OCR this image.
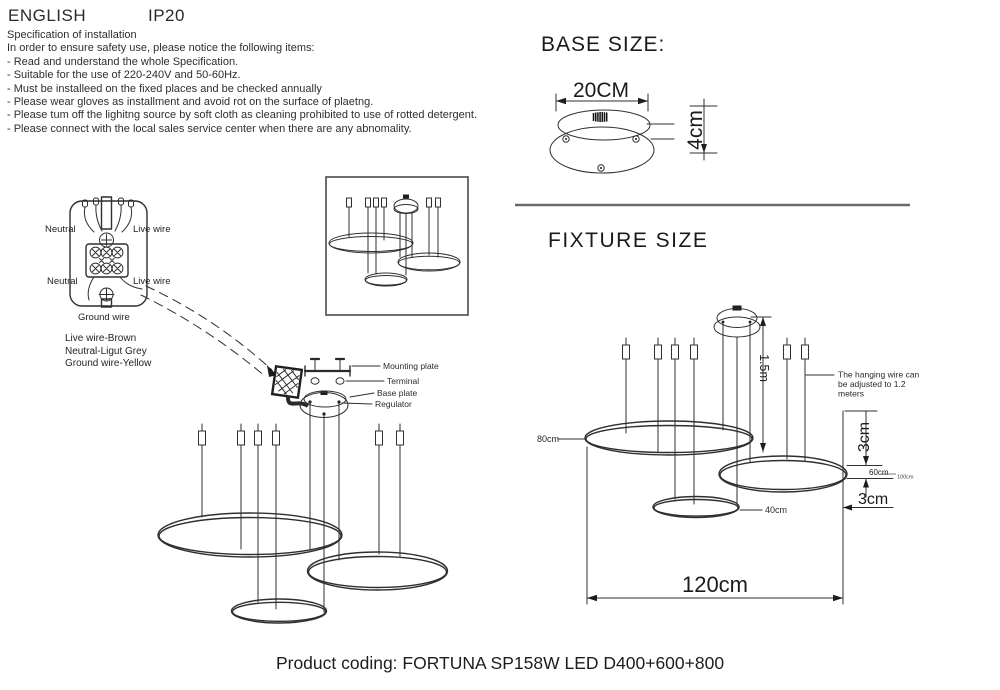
ENGLISH	IP20
Specification of installation
In order to ensure safety use, please notice the following items:
- Read and understand the whole Specification.
- Suitable for the use of 220-240V and 50-60Hz.
- Must be installeed on the fixed places and be checked annually
- Please wear gloves as installment and avoid rot on the surface of plaetng.
- Please tum off the lighitng source by soft cloth as cleaning prohibited to use of rotted detergent.
- Please connect with the local sales service center when there are any abnomality.
Neutral	Live wire
Neutral	Live wire
Ground wire
Live wire-Brown
Neutral-Ligut Grey
Ground wire-Yellow	Mounting plate
Terminal
Base plate
Regulator
BASE SIZE:
20CM
4cm
FIXTURE SIZE
1.5m	The hanging wire can
be adjusted to 1.2
meters
80cm
40cm
3cm
60cm
100cm
3cm
120cm
Product coding: FORTUNA SP158W LED D400+600+800
